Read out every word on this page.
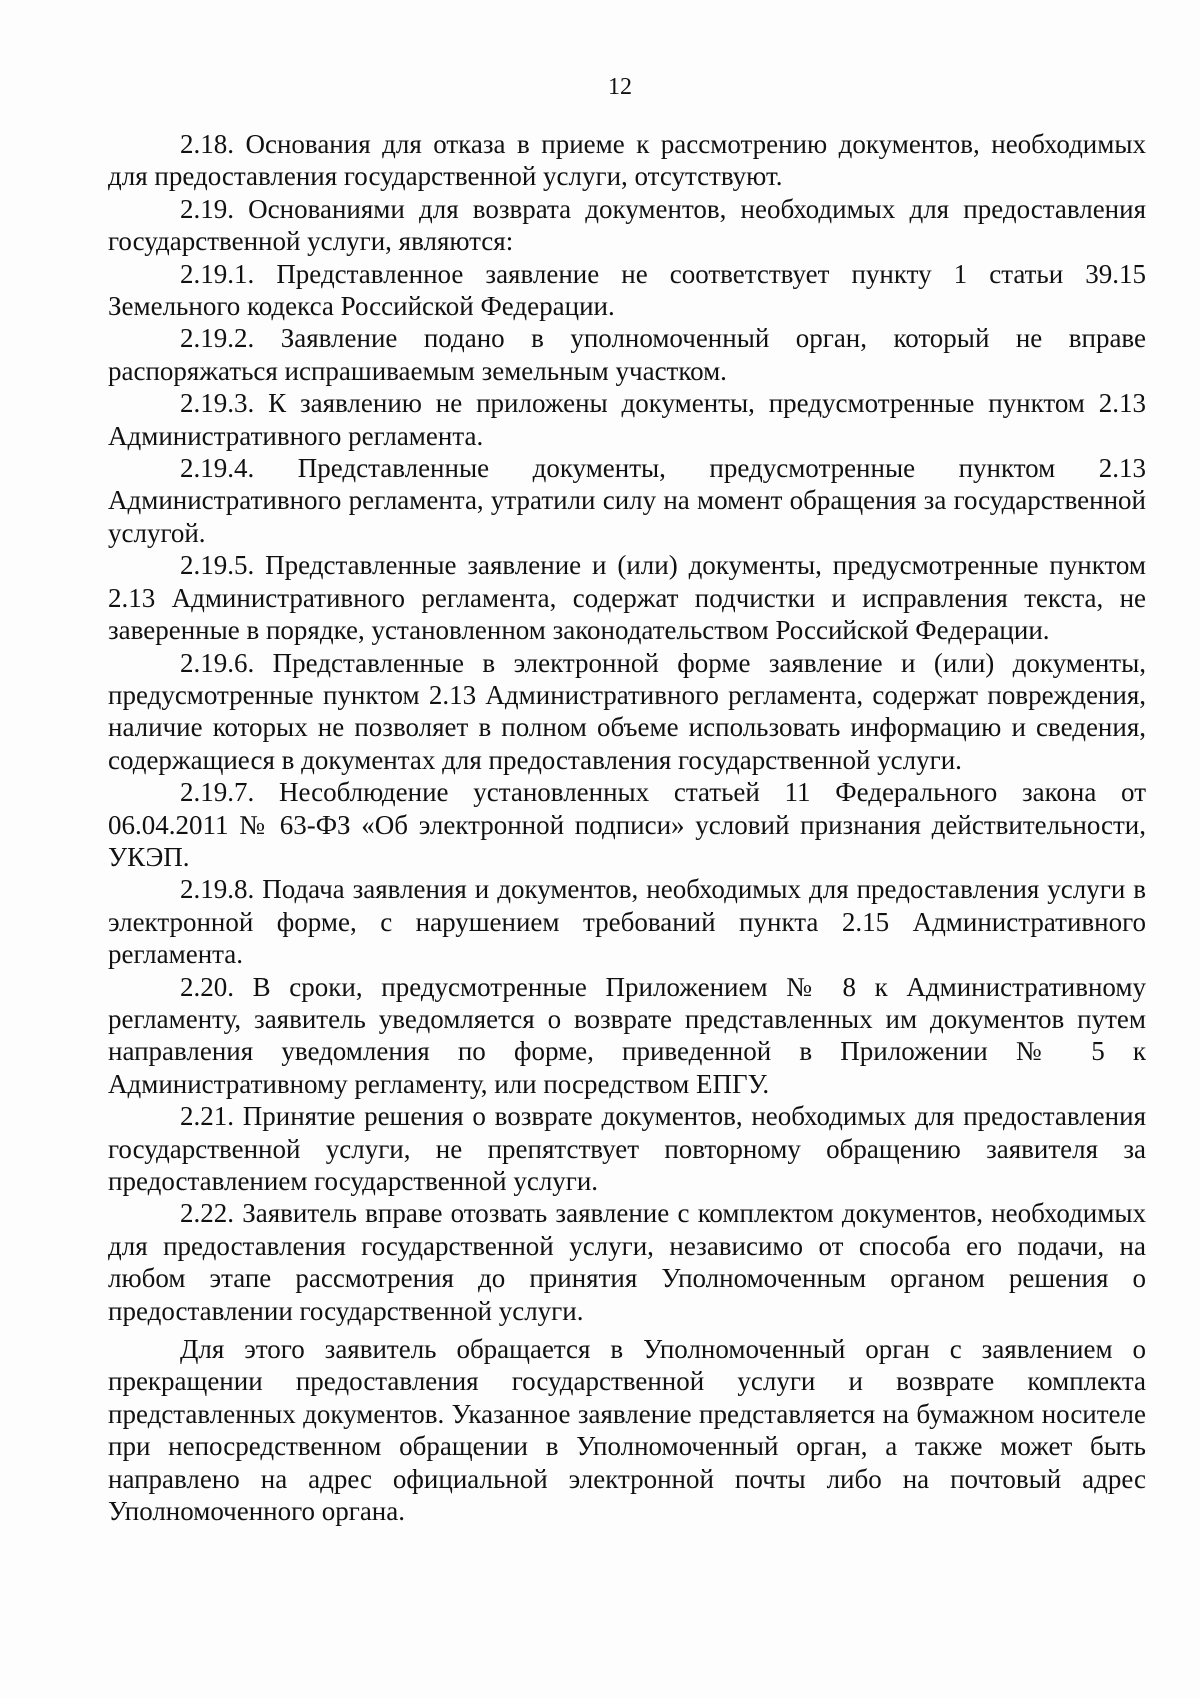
12

2.18. Основания для отказа в приеме к рассмотрению документов, необходимых для предоставления государственной услуги, отсутствуют.

2.19. Основаниями для возврата документов, необходимых для предоставления государственной услуги, являются:

2.19.1. Представленное заявление не соответствует пункту 1 статьи 39.15 Земельного кодекса Российской Федерации.

2.19.2. Заявление подано в уполномоченный орган, который не вправе распоряжаться испрашиваемым земельным участком.

2.19.3. К заявлению не приложены документы, предусмотренные пунктом 2.13 Административного регламента.

2.19.4. Представленные документы, предусмотренные пунктом 2.13 Административного регламента, утратили силу на момент обращения за государственной услугой.

2.19.5. Представленные заявление и (или) документы, предусмотренные пунктом 2.13 Административного регламента, содержат подчистки и исправления текста, не заверенные в порядке, установленном законодательством Российской Федерации.

2.19.6. Представленные в электронной форме заявление и (или) документы, предусмотренные пунктом 2.13 Административного регламента, содержат повреждения, наличие которых не позволяет в полном объеме использовать информацию и сведения, содержащиеся в документах для предоставления государственной услуги.

2.19.7. Несоблюдение установленных статьей 11 Федерального закона от 06.04.2011 № 63-ФЗ «Об электронной подписи» условий признания действительности, УКЭП.

2.19.8. Подача заявления и документов, необходимых для предоставления услуги в электронной форме, с нарушением требований пункта 2.15 Административного регламента.

2.20. В сроки, предусмотренные Приложением № 8 к Административному регламенту, заявитель уведомляется о возврате представленных им документов путем направления уведомления по форме, приведенной в Приложении № 5 к Административному регламенту, или посредством ЕПГУ.

2.21. Принятие решения о возврате документов, необходимых для предоставления государственной услуги, не препятствует повторному обращению заявителя за предоставлением государственной услуги.

2.22. Заявитель вправе отозвать заявление с комплектом документов, необходимых для предоставления государственной услуги, независимо от способа его подачи, на любом этапе рассмотрения до принятия Уполномоченным органом решения о предоставлении государственной услуги.

Для этого заявитель обращается в Уполномоченный орган с заявлением о прекращении предоставления государственной услуги и возврате комплекта представленных документов. Указанное заявление представляется на бумажном носителе при непосредственном обращении в Уполномоченный орган, а также может быть направлено на адрес официальной электронной почты либо на почтовый адрес Уполномоченного органа.
